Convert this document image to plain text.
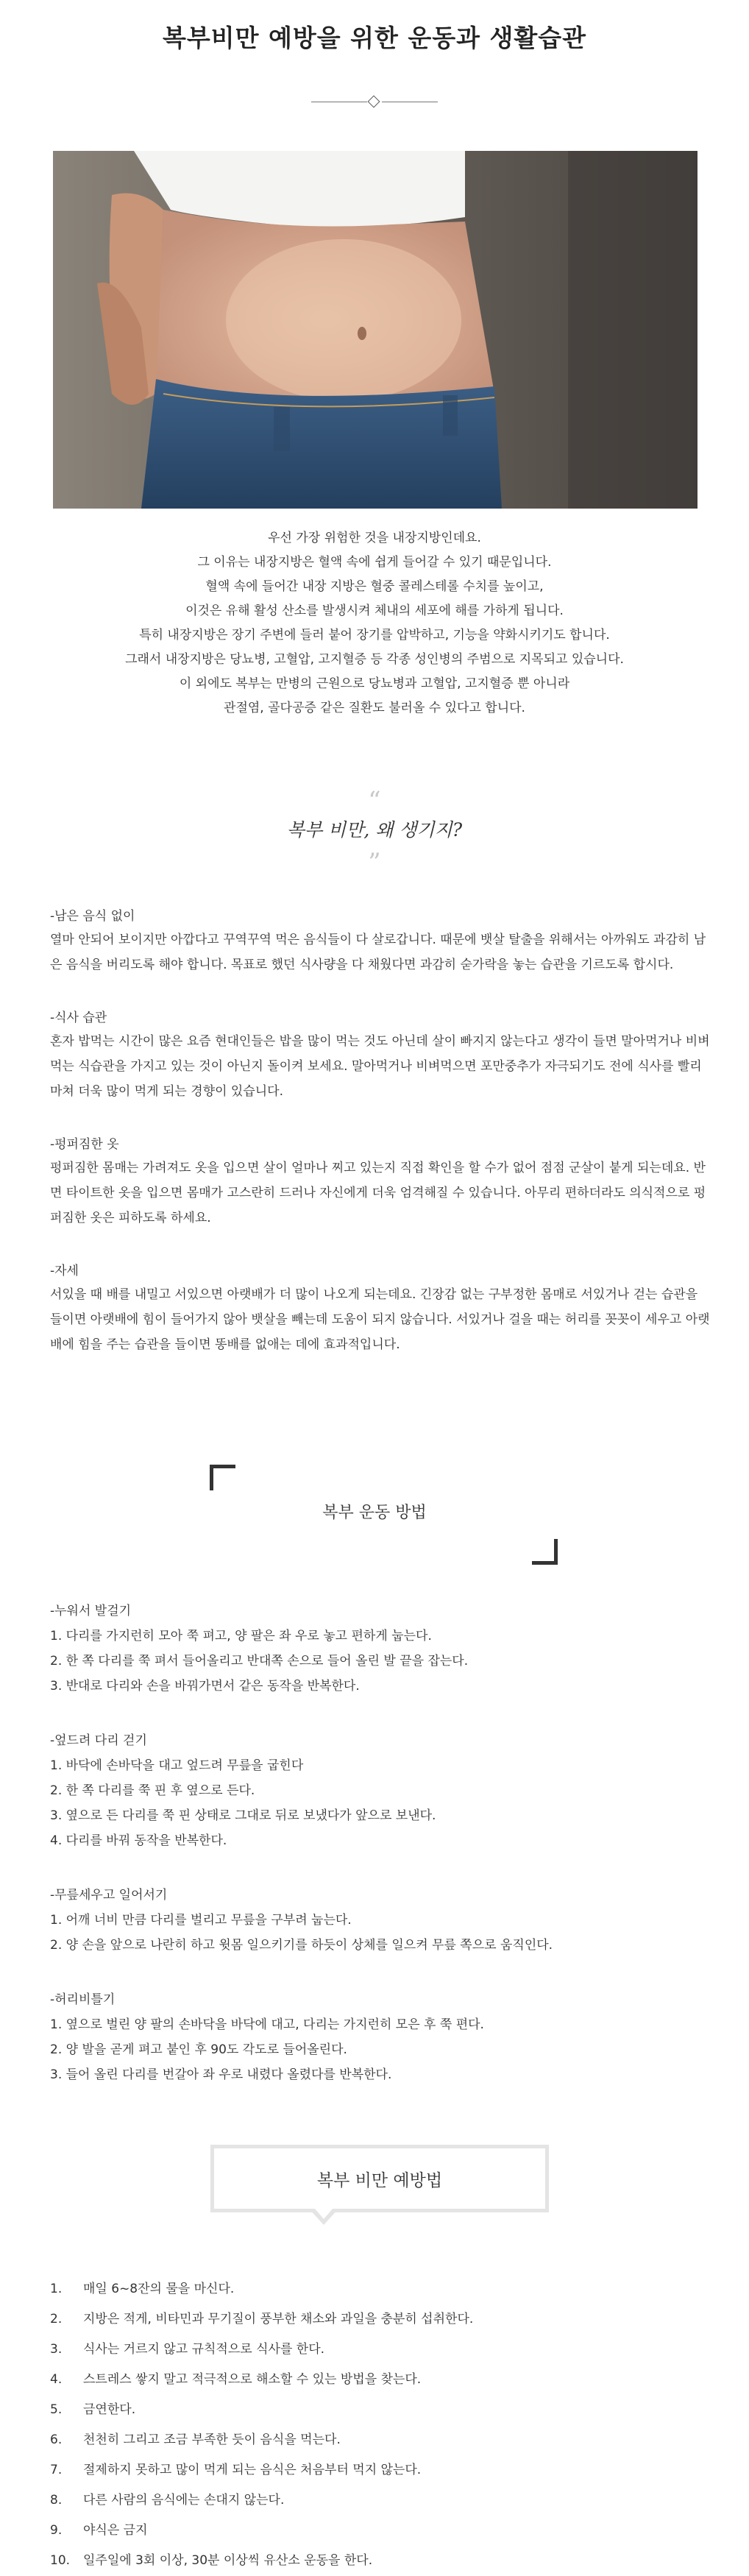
복부비만 예방을 위한 운동과 생활습관

우선 가장 위험한 것을 내장지방인데요.

그 이유는 내장지방은 혈액 속에 쉽게 들어갈 수 있기 때문입니다.

혈액 속에 들어간 내장 지방은 혈중 콜레스테롤 수치를 높이고,

이것은 유해 활성 산소를 발생시켜 체내의 세포에 해를 가하게 됩니다.

특히 내장지방은 장기 주변에 들러 붙어 장기를 압박하고, 기능을 약화시키기도 합니다.

그래서 내장지방은 당뇨병, 고혈압, 고지혈증 등 각종 성인병의 주범으로 지목되고 있습니다.

이 외에도 복부는 만병의 근원으로 당뇨병과 고혈압, 고지혈증 뿐 아니라

관절염, 골다공증 같은 질환도 불러올 수 있다고 합니다.

“
복부 비만, 왜 생기지?
”
-남은 음식 없이
열마 안되어 보이지만 아깝다고 꾸역꾸역 먹은 음식들이 다 살로갑니다. 때문에 뱃살 탈출을 위해서는 아까워도 과감히 남은 음식을 버리도록 해야 합니다. 목표로 했던 식사량을 다 채웠다면 과감히 숟가락을 놓는 습관을 기르도록 합시다.
-식사 습관
혼자 밥먹는 시간이 많은 요즘 현대인들은 밥을 많이 먹는 것도 아닌데 살이 빠지지 않는다고 생각이 들면 말아먹거나 비벼먹는 식습관을 가지고 있는 것이 아닌지 돌이켜 보세요. 말아먹거나 비벼먹으면 포만중추가 자극되기도 전에 식사를 빨리 마쳐 더욱 많이 먹게 되는 경향이 있습니다.
-펑퍼짐한 옷
펑퍼짐한 몸매는 가려져도 옷을 입으면 살이 얼마나 찌고 있는지 직접 확인을 할 수가 없어 점점 군살이 붙게 되는데요. 반면 타이트한 옷을 입으면 몸매가 고스란히 드러나 자신에게 더욱 엄격해질 수 있습니다. 아무리 편하더라도 의식적으로 펑퍼짐한 옷은 피하도록 하세요.
-자세
서있을 때 배를 내밀고 서있으면 아랫배가 더 많이 나오게 되는데요. 긴장감 없는 구부정한 몸매로 서있거나 걷는 습관을 들이면 아랫배에 힘이 들어가지 않아 뱃살을 빼는데 도움이 되지 않습니다. 서있거나 걸을 때는 허리를 꼿꼿이 세우고 아랫배에 힘을 주는 습관을 들이면 똥배를 없애는 데에 효과적입니다.
복부 운동 방법
-누워서 발걸기
1. 다리를 가지런히 모아 쭉 펴고, 양 팔은 좌 우로 놓고 편하게 눕는다.
2. 한 쪽 다리를 쭉 펴서 들어올리고 반대쪽 손으로 들어 올린 발 끝을 잡는다.
3. 반대로 다리와 손을 바꿔가면서 같은 동작을 반복한다.
-엎드려 다리 걷기
1. 바닥에 손바닥을 대고 엎드려 무릎을 굽힌다
2. 한 쪽 다리를 쭉 핀 후 옆으로 든다.
3. 옆으로 든 다리를 쭉 핀 상태로 그대로 뒤로 보냈다가 앞으로 보낸다.
4. 다리를 바꿔 동작을 반복한다.
-무릎세우고 일어서기
1. 어깨 너비 만큼 다리를 벌리고 무릎을 구부려 눕는다.
2. 양 손을 앞으로 나란히 하고 윗몸 일으키기를 하듯이 상체를 일으켜 무릎 쪽으로 움직인다.
-허리비틀기
1. 옆으로 벌린 양 팔의 손바닥을 바닥에 대고, 다리는 가지런히 모은 후 쭉 편다.
2. 양 발을 곧게 펴고 붙인 후 90도 각도로 들어올린다.
3. 들어 올린 다리를 번갈아 좌 우로 내렸다 올렸다를 반복한다.
복부 비만 예방법
1.	매일 6~8잔의 물을 마신다.
2.	지방은 적게, 비타민과 무기질이 풍부한 채소와 과일을 충분히 섭취한다.
3.	식사는 거르지 않고 규칙적으로 식사를 한다.
4.	스트레스 쌓지 말고 적극적으로 해소할 수 있는 방법을 찾는다.
5.	금연한다.
6.	천천히 그리고 조금 부족한 듯이 음식을 먹는다.
7.	절제하지 못하고 많이 먹게 되는 음식은 처음부터 먹지 않는다.
8.	다른 사람의 음식에는 손대지 않는다.
9.	야식은 금지
10.	일주일에 3회 이상, 30분 이상씩 유산소 운동을 한다.
